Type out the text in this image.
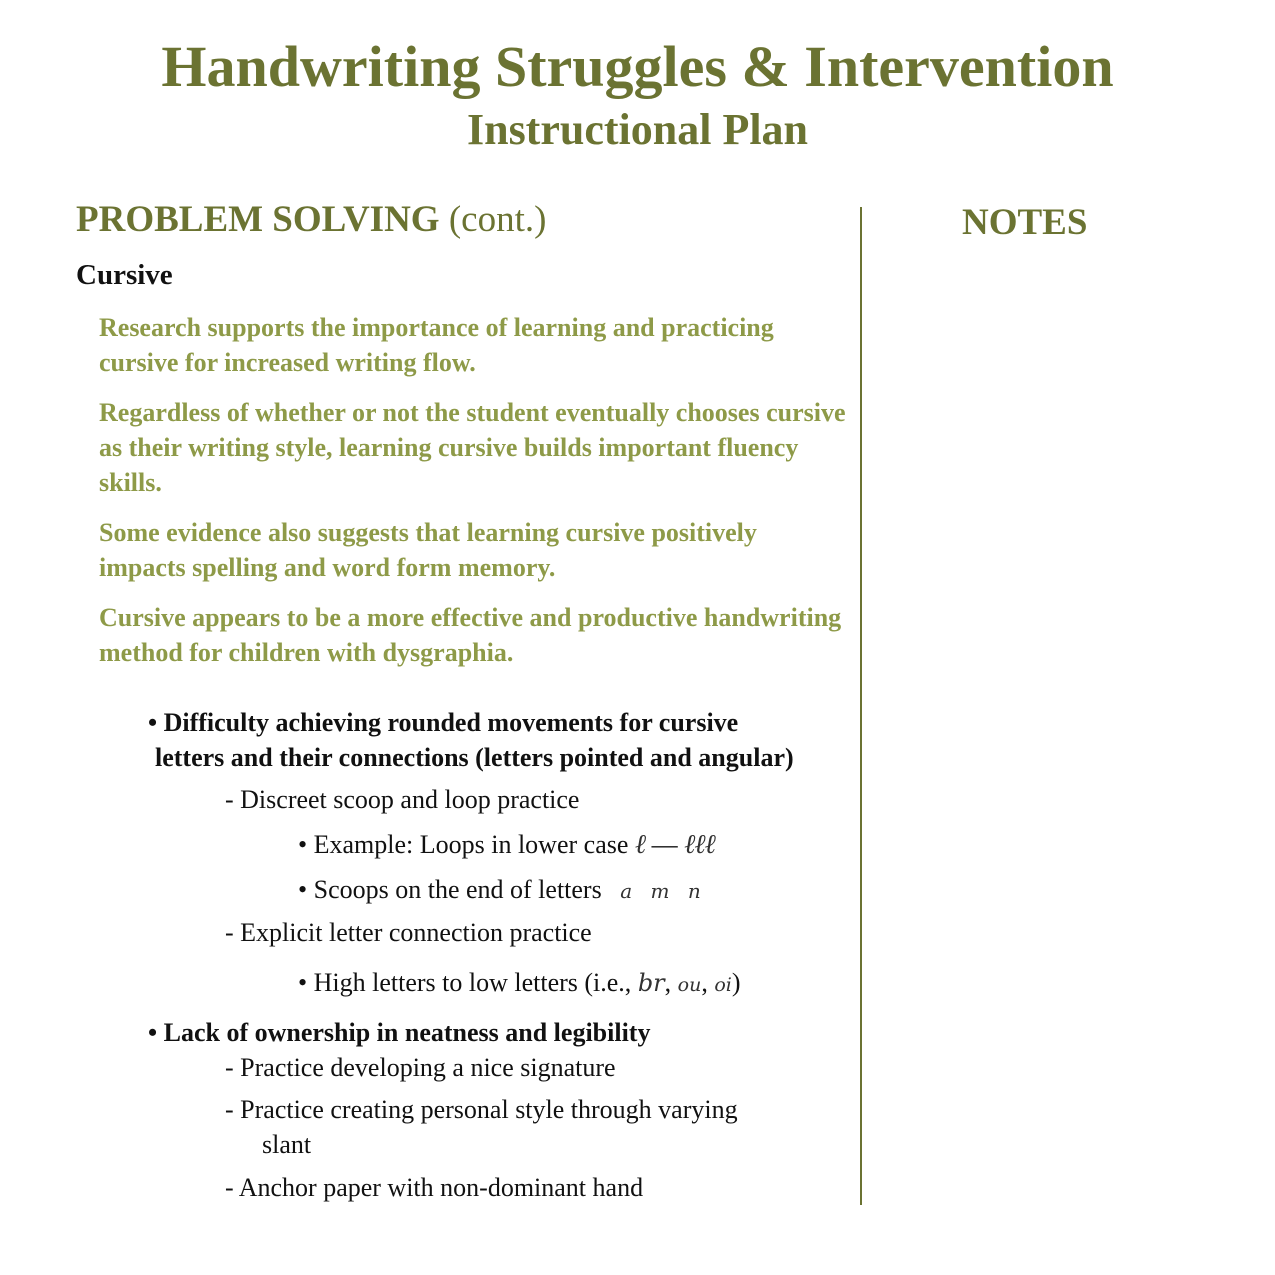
Handwriting Struggles & Intervention
Instructional Plan
PROBLEM SOLVING (cont.)	NOTES
Cursive

Research supports the importance of learning and practicing cursive for increased writing flow.

Regardless of whether or not the student eventually chooses cursive as their writing style, learning cursive builds important fluency skills.

Some evidence also suggests that learning cursive positively impacts spelling and word form memory.

Cursive appears to be a more effective and productive handwriting method for children with dysgraphia.

• Difficulty achieving rounded movements for cursive
letters and their connections (letters pointed and angular)
- Discreet scoop and loop practice
• Example: Loops in lower case ℓ — ℓℓℓ
• Scoops on the end of letters a m n
- Explicit letter connection practice
• High letters to low letters (i.e., br, ou, oi)
• Lack of ownership in neatness and legibility
- Practice developing a nice signature
- Practice creating personal style through varying
slant
- Anchor paper with non-dominant hand
